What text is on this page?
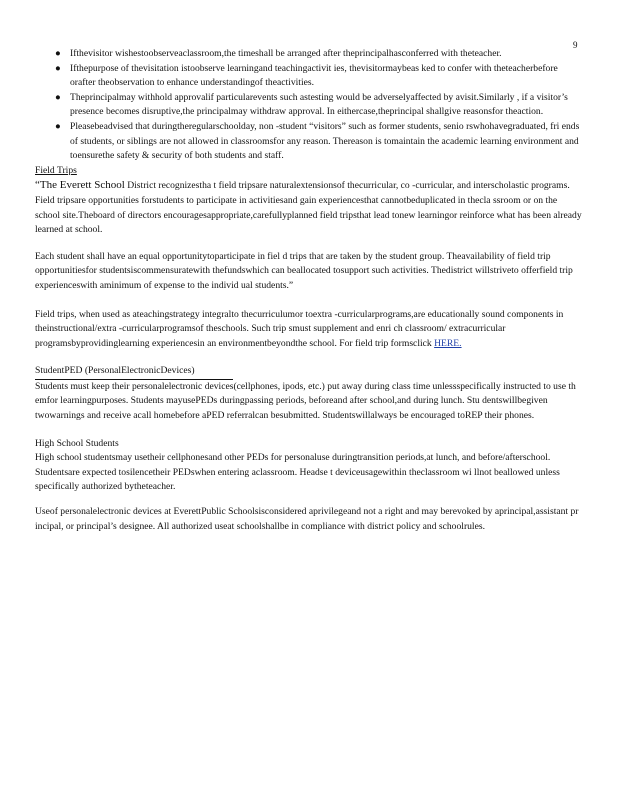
9
● Ifthevisitor wishestoobserveaclassroom,the timeshall be arranged after theprincipalhasconferred with theteacher.
● Ifthepurpose of thevisitation istoobserve learningand teachingactivit ies, thevisitormaybeas ked to confer with theteacherbefore orafter theobservation to enhance understandingof theactivities.
● Theprincipalmay withhold approvalif particularevents such astesting would be adverselyaffected by avisit.Similarly , if a visitor’s presence becomes disruptive,the principalmay withdraw approval. In eithercase,theprincipal shallgive reasonsfor theaction.
● Pleasebeadvised that duringtheregularschoolday, non -student “visitors” such as former students, senio rswhohavegraduated, fri ends of students, or siblings are not allowed in classroomsfor any reason. Thereason is tomaintain the academic learning environment and toensurethe safety & security of both students and staff.
Field Trips

“The Everett School District recognizestha t field tripsare naturalextensionsof thecurricular, co -curricular, and interscholastic programs. Field tripsare opportunities forstudents to participate in activitiesand gain experiencesthat cannotbeduplicated in thecla ssroom or on the school site.Theboard of directors encouragesappropriate,carefullyplanned field tripsthat lead tonew learningor reinforce what has been already learned at school.

Each student shall have an equal opportunitytoparticipate in fiel d trips that are taken by the student group. Theavailability of field trip opportunitiesfor studentsiscommensuratewith thefundswhich can beallocated tosupport such activities. Thedistrict willstriveto offerfield trip experienceswith aminimum of expense to the individ ual students.”

Field trips, when used as ateachingstrategy integralto thecurriculumor toextra -curricularprograms,are educationally sound components in theinstructional/extra -curricularprogramsof theschools. Such trip smust supplement and enri ch classroom/ extracurricular programsbyprovidinglearning experiencesin an environmentbeyondthe school. For field trip formsclick HERE.

StudentPED (PersonalElectronicDevices)

Students must keep their personalelectronic devices(cellphones, ipods, etc.) put away during class time unlessspecifically instructed to use th emfor learningpurposes. Students mayusePEDs duringpassing periods, beforeand after school,and during lunch. Stu dentswillbegiven twowarnings and receive acall homebefore aPED referralcan besubmitted. Studentswillalways be encouraged toREP their phones.

High School Students

High school studentsmay usetheir cellphonesand other PEDs for personaluse duringtransition periods,at lunch, and before/afterschool. Studentsare expected tosilencetheir PEDswhen entering aclassroom. Headse t deviceusagewithin theclassroom wi llnot beallowed unless specifically authorized bytheteacher.

Useof personalelectronic devices at EverettPublic Schoolsisconsidered aprivilegeand not a right and may berevoked by aprincipal,assistant pr incipal, or principal’s designee. All authorized useat schoolshallbe in compliance with district policy and schoolrules.
